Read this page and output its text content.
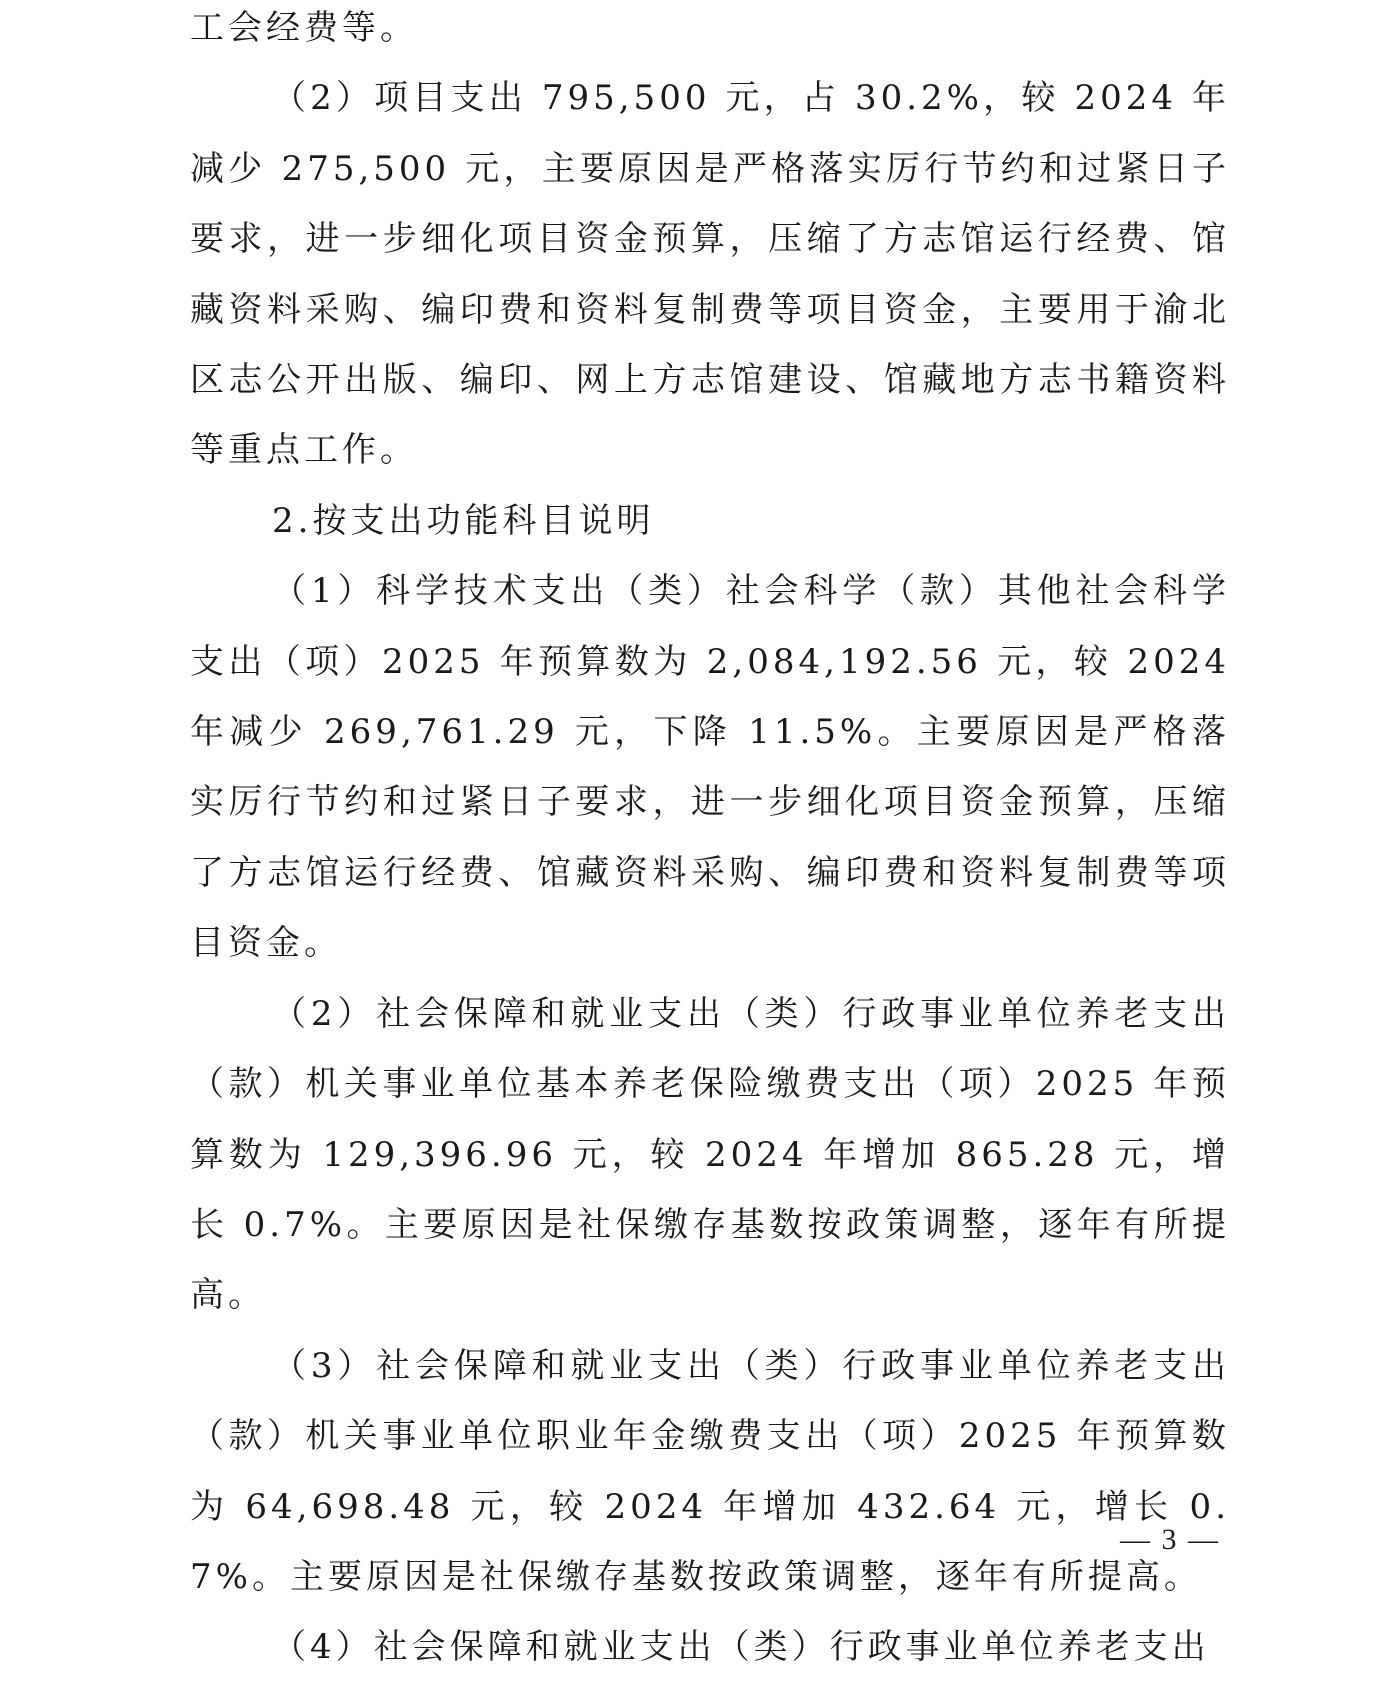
工会经费等。

（2）项目支出 795,500 元，占 30.2%，较 2024 年减少 275,500 元，主要原因是严格落实厉行节约和过紧日子要求，进一步细化项目资金预算，压缩了方志馆运行经费、馆藏资料采购、编印费和资料复制费等项目资金，主要用于渝北区志公开出版、编印、网上方志馆建设、馆藏地方志书籍资料等重点工作。

2.按支出功能科目说明

（1）科学技术支出（类）社会科学（款）其他社会科学支出（项）2025 年预算数为 2,084,192.56 元，较 2024 年减少 269,761.29 元，下降 11.5%。主要原因是严格落实厉行节约和过紧日子要求，进一步细化项目资金预算，压缩了方志馆运行经费、馆藏资料采购、编印费和资料复制费等项目资金。

（2）社会保障和就业支出（类）行政事业单位养老支出（款）机关事业单位基本养老保险缴费支出（项）2025 年预算数为 129,396.96 元，较 2024 年增加 865.28 元，增长 0.7%。主要原因是社保缴存基数按政策调整，逐年有所提高。

（3）社会保障和就业支出（类）行政事业单位养老支出（款）机关事业单位职业年金缴费支出（项）2025 年预算数为 64,698.48 元，较 2024 年增加 432.64 元，增长 0.7%。主要原因是社保缴存基数按政策调整，逐年有所提高。

（4）社会保障和就业支出（类）行政事业单位养老支出

— 3 —
